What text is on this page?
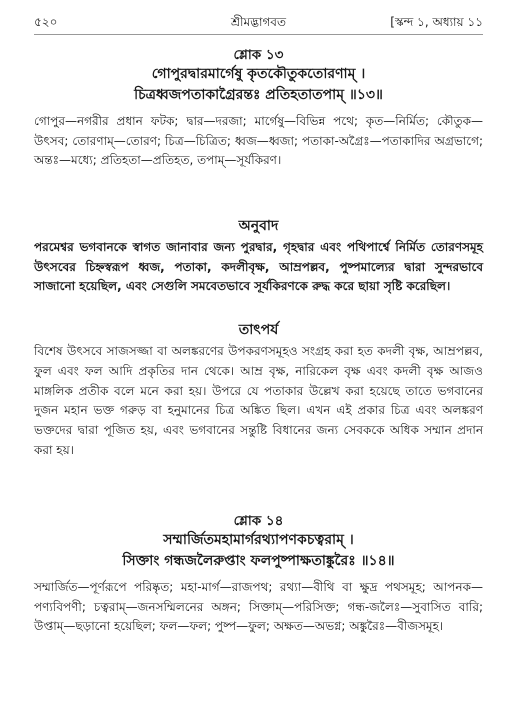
৫২০	শ্রীমদ্ভাগবত	[স্কন্দ ১, অধ্যায় ১১
শ্লোক ১৩
গোপুরদ্বারমার্গেষু কৃতকৌতুকতোরণাম্ ।
চিত্রধ্বজপতাকাগ্রৈরন্তঃ প্রতিহতাতপাম্ ॥১৩॥
গোপুর—নগরীর প্রধান ফটক; দ্বার—দরজা; মার্গেষু—বিভিন্ন পথে; কৃত—নির্মিত; কৌতুক—উৎসব; তোরণাম্—তোরণ; চিত্র—চিত্রিত; ধ্বজ—ধ্বজা; পতাকা-অগ্রৈঃ—পতাকাদির অগ্রভাগে; অন্তঃ—মধ্যে; প্রতিহতা—প্রতিহত, তপাম্—সূর্যকিরণ।
অনুবাদ
পরমেশ্বর ভগবানকে স্বাগত জানাবার জন্য পুরদ্বার, গৃহদ্বার এবং পথিপার্শ্বে নির্মিত তোরণসমূহ উৎসবের চিহ্নস্বরূপ ধ্বজ, পতাকা, কদলীবৃক্ষ, আম্রপল্লব, পুষ্পমাল্যের দ্বারা সুন্দরভাবে সাজানো হয়েছিল, এবং সেগুলি সমবেতভাবে সূর্যকিরণকে রুদ্ধ করে ছায়া সৃষ্টি করেছিল।
তাৎপর্য
বিশেষ উৎসবে সাজসজ্জা বা অলঙ্করণের উপকরণসমূহও সংগ্রহ করা হত কদলী বৃক্ষ, আম্রপল্লব, ফুল এবং ফল আদি প্রকৃতির দান থেকে। আম্র বৃক্ষ, নারিকেল বৃক্ষ এবং কদলী বৃক্ষ আজও মাঙ্গলিক প্রতীক বলে মনে করা হয়। উপরে যে পতাকার উল্লেখ করা হয়েছে তাতে ভগবানের দুজন মহান ভক্ত গরুড় বা হনুমানের চিত্র অঙ্কিত ছিল। এখন এই প্রকার চিত্র এবং অলঙ্করণ ভক্তদের দ্বারা পূজিত হয়, এবং ভগবানের সন্তুষ্টি বিধানের জন্য সেবককে অধিক সম্মান প্রদান করা হয়।
শ্লোক ১৪
সম্মার্জিতমহামার্গরথ্যাপণকচত্বরাম্ ।
সিক্তাং গন্ধজলৈরুপ্তাং ফলপুষ্পাক্ষতাঙ্কুরৈঃ ॥১৪॥
সম্মার্জিত—পূর্ণরূপে পরিষ্কৃত; মহা-মার্গ—রাজপথ; রথ্যা—বীথি বা ক্ষুদ্র পথসমূহ; আপনক—পণ্যবিপণী; চত্বরাম্—জনসম্মিলনের অঙ্গন; সিক্তাম্—পরিসিক্ত; গন্ধ-জলৈঃ—সুবাসিত বারি; উপ্তাম্—ছড়ানো হয়েছিল; ফল—ফল; পুষ্প—ফুল; অক্ষত—অভগ্ন; অঙ্কুরৈঃ—বীজসমূহ।
